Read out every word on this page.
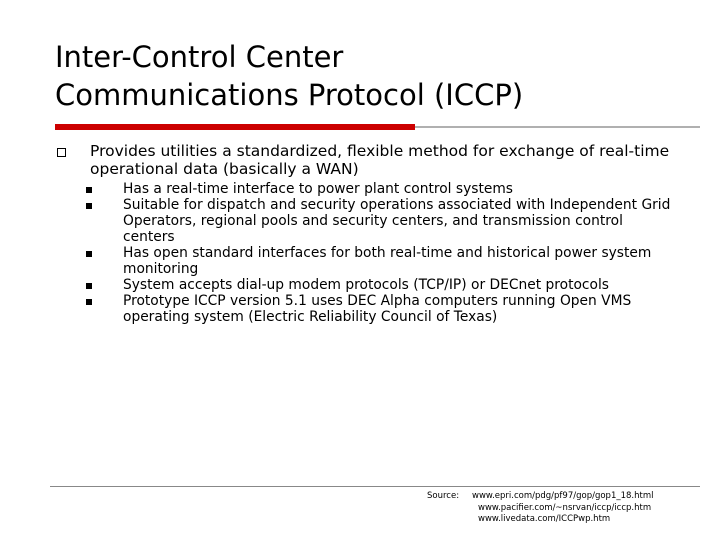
Inter-Control Center
Communications Protocol (ICCP)

Provides utilities a standardized, flexible method for exchange of real-time operational data (basically a WAN)

Has a real-time interface to power plant control systems
Suitable for dispatch and security operations associated with Independent Grid Operators, regional pools and security centers, and transmission control centers
Has open standard interfaces for both real-time and historical power system monitoring
System accepts dial-up modem protocols (TCP/IP) or DECnet protocols
Prototype ICCP version 5.1 uses DEC Alpha computers running Open VMS operating system (Electric Reliability Council of Texas)
Source: www.epri.com/pdg/pf97/gop/gop1_18.html
www.pacifier.com/~nsrvan/iccp/iccp.htm
www.livedata.com/ICCPwp.htm
